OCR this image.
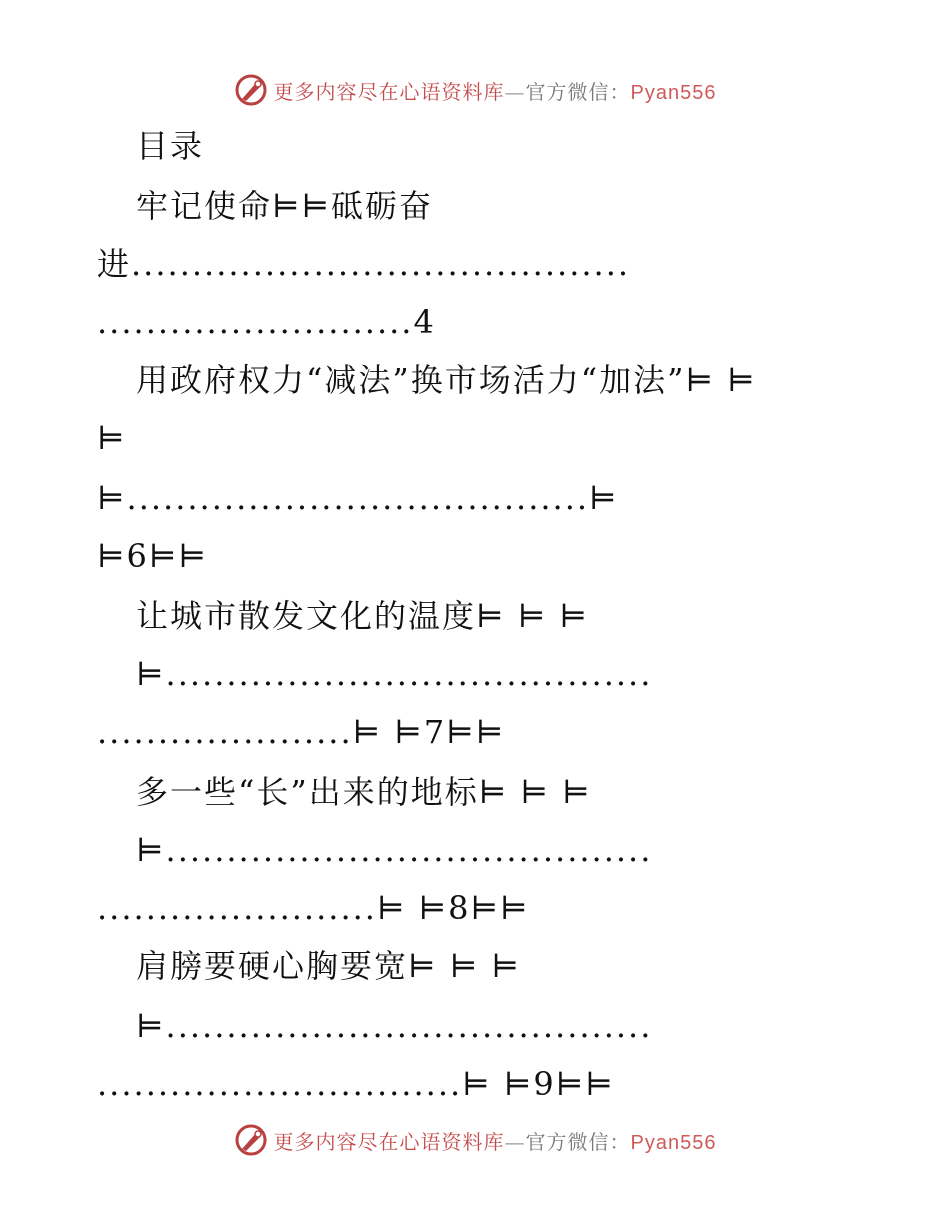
更多内容尽在心语资料库—官方微信：Pyan556
目录
牢记使命⊨⊨砥砺奋
进.........................................
..........................4
用政府权力“减法”换市场活力“加法”⊨ ⊨
⊨
⊨......................................⊨
⊨6⊨⊨
让城市散发文化的温度⊨ ⊨ ⊨
⊨........................................
.....................⊨ ⊨7⊨⊨
多一些“长”出来的地标⊨ ⊨ ⊨
⊨........................................
.......................⊨ ⊨8⊨⊨
肩膀要硬心胸要宽⊨ ⊨ ⊨
⊨........................................
..............................⊨ ⊨9⊨⊨
更多内容尽在心语资料库—官方微信：Pyan556
